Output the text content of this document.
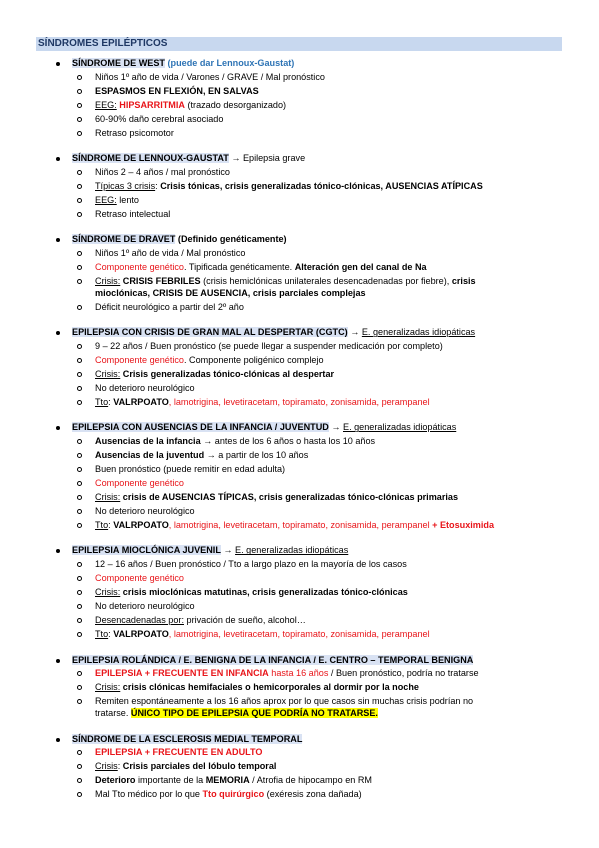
SÍNDROMES EPILÉPTICOS
SÍNDROME DE WEST (puede dar Lennoux-Gaustat)
Niños 1º año de vida / Varones / GRAVE / Mal pronóstico
ESPASMOS EN FLEXIÓN, EN SALVAS
EEG: HIPSARRITMIA (trazado desorganizado)
60-90% daño cerebral asociado
Retraso psicomotor
SÍNDROME DE LENNOUX-GAUSTAT → Epilepsia grave
Niños 2 – 4 años / mal pronóstico
Típicas 3 crisis: Crisis tónicas, crisis generalizadas tónico-clónicas, AUSENCIAS ATÍPICAS
EEG: lento
Retraso intelectual
SÍNDROME DE DRAVET (Definido genéticamente)
Niños 1º año de vida / Mal pronóstico
Componente genético. Tipificada genéticamente. Alteración gen del canal de Na
Crisis: CRISIS FEBRILES (crisis hemiclónicas unilaterales desencadenadas por fiebre), crisis mioclónicas, CRISIS DE AUSENCIA, crisis parciales complejas
Déficit neurológico a partir del 2º año
EPILEPSIA CON CRISIS DE GRAN MAL AL DESPERTAR (CGTC) → E. generalizadas idiopáticas
9 – 22 años / Buen pronóstico (se puede llegar a suspender medicación por completo)
Componente genético. Componente poligénico complejo
Crisis: Crisis generalizadas tónico-clónicas al despertar
No deterioro neurológico
Tto: VALRPOATO, lamotrigina, levetiracetam, topiramato, zonisamida, perampanel
EPILEPSIA CON AUSENCIAS DE LA INFANCIA / JUVENTUD → E. generalizadas idiopáticas
Ausencias de la infancia → antes de los 6 años o hasta los 10 años
Ausencias de la juventud → a partir de los 10 años
Buen pronóstico (puede remitir en edad adulta)
Componente genético
Crisis: crisis de AUSENCIAS TÍPICAS, crisis generalizadas tónico-clónicas primarias
No deterioro neurológico
Tto: VALRPOATO, lamotrigina, levetiracetam, topiramato, zonisamida, perampanel + Etosuximida
EPILEPSIA MIOCLÓNICA JUVENIL → E. generalizadas idiopáticas
12 – 16 años / Buen pronóstico / Tto a largo plazo en la mayoría de los casos
Componente genético
Crisis: crisis mioclónicas matutinas, crisis generalizadas tónico-clónicas
No deterioro neurológico
Desencadenadas por: privación de sueño, alcohol…
Tto: VALRPOATO, lamotrigina, levetiracetam, topiramato, zonisamida, perampanel
EPILEPSIA ROLÁNDICA / E. BENIGNA DE LA INFANCIA / E. CENTRO – TEMPORAL BENIGNA
EPILEPSIA + FRECUENTE EN INFANCIA hasta 16 años / Buen pronóstico, podría no tratarse
Crisis: crisis clónicas hemifaciales o hemicorporales al dormir por la noche
Remiten espontáneamente a los 16 años aprox por lo que casos sin muchas crisis podrían no tratarse. ÚNICO TIPO DE EPILEPSIA QUE PODRÍA NO TRATARSE.
SÍNDROME DE LA ESCLEROSIS MEDIAL TEMPORAL
EPILEPSIA + FRECUENTE EN ADULTO
Crisis: Crisis parciales del lóbulo temporal
Deterioro importante de la MEMORIA / Atrofia de hipocampo en RM
Mal Tto médico por lo que Tto quirúrgico (exéresis zona dañada)
